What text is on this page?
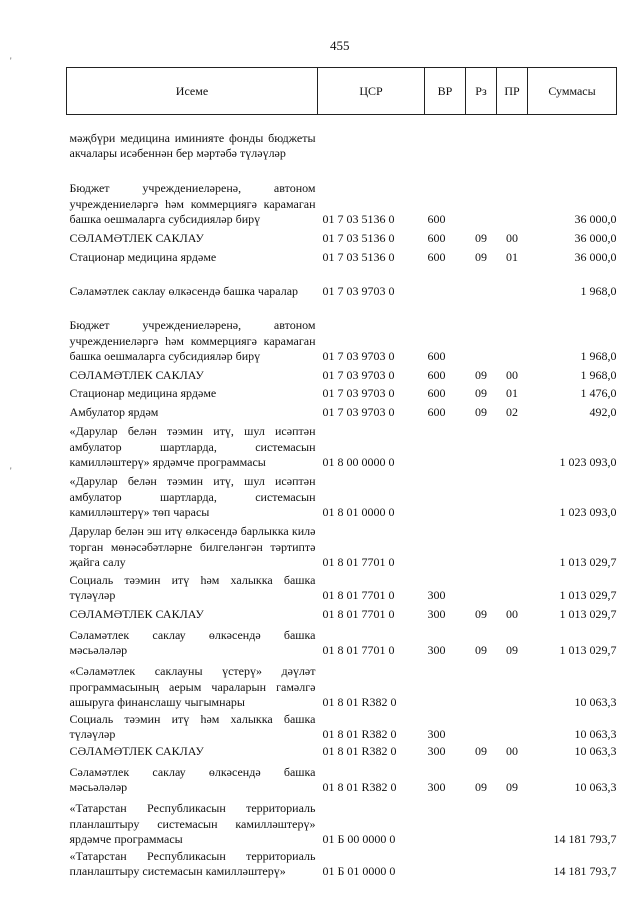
455
'
'
Исеме	ЦСР	ВР	Рз	ПР	Суммасы
мәҗбүри медицина иминияте фонды бюджеты акчалары исәбеннән бер мәртәбә түләүләр					
Бюджет учреждениеләренә, автоном учреждениеләргә һәм коммерциягә карамаган башка оешмаларга субсидияләр бирү	01 7 03 5136 0	600			36 000,0
СӘЛАМӘТЛЕК САКЛАУ	01 7 03 5136 0	600	09	00	36 000,0
Стационар медицина ярдәме	01 7 03 5136 0	600	09	01	36 000,0
Сәламәтлек саклау өлкәсендә башка чаралар	01 7 03 9703 0				1 968,0
Бюджет учреждениеләренә, автоном учреждениеләргә һәм коммерциягә карамаган башка оешмаларга субсидияләр бирү	01 7 03 9703 0	600			1 968,0
СӘЛАМӘТЛЕК САКЛАУ	01 7 03 9703 0	600	09	00	1 968,0
Стационар медицина ярдәме	01 7 03 9703 0	600	09	01	1 476,0
Амбулатор ярдәм	01 7 03 9703 0	600	09	02	492,0
«Дарулар белән тәэмин итү, шул исәптән амбулатор шартларда, системасын камилләштерү» ярдәмче программасы	01 8 00 0000 0				1 023 093,0
«Дарулар белән тәэмин итү, шул исәптән амбулатор шартларда, системасын камилләштерү» төп чарасы	01 8 01 0000 0				1 023 093,0
Дарулар белән эш итү өлкәсендә барлыкка килә торган мөнәсәбәтләрне билгеләнгән тәртиптә җайга салу	01 8 01 7701 0				1 013 029,7
Социаль тәэмин итү һәм халыкка башка түләүләр	01 8 01 7701 0	300			1 013 029,7
СӘЛАМӘТЛЕК САКЛАУ	01 8 01 7701 0	300	09	00	1 013 029,7
Сәламәтлек саклау өлкәсендә башка мәсьәләләр	01 8 01 7701 0	300	09	09	1 013 029,7
«Сәламәтлек саклауны үстерү» дәүләт программасының аерым чараларын гамәлгә ашыруга финанслашу чыгымнары	01 8 01 R382 0				10 063,3
Социаль тәэмин итү һәм халыкка башка түләүләр	01 8 01 R382 0	300			10 063,3
СӘЛАМӘТЛЕК САКЛАУ	01 8 01 R382 0	300	09	00	10 063,3
Сәламәтлек саклау өлкәсендә башка мәсьәләләр	01 8 01 R382 0	300	09	09	10 063,3
«Татарстан Республикасын территориаль планлаштыру системасын камилләштерү» ярдәмче программасы	01 Б 00 0000 0				14 181 793,7
«Татарстан Республикасын территориаль планлаштыру системасын камилләштерү»	01 Б 01 0000 0				14 181 793,7
